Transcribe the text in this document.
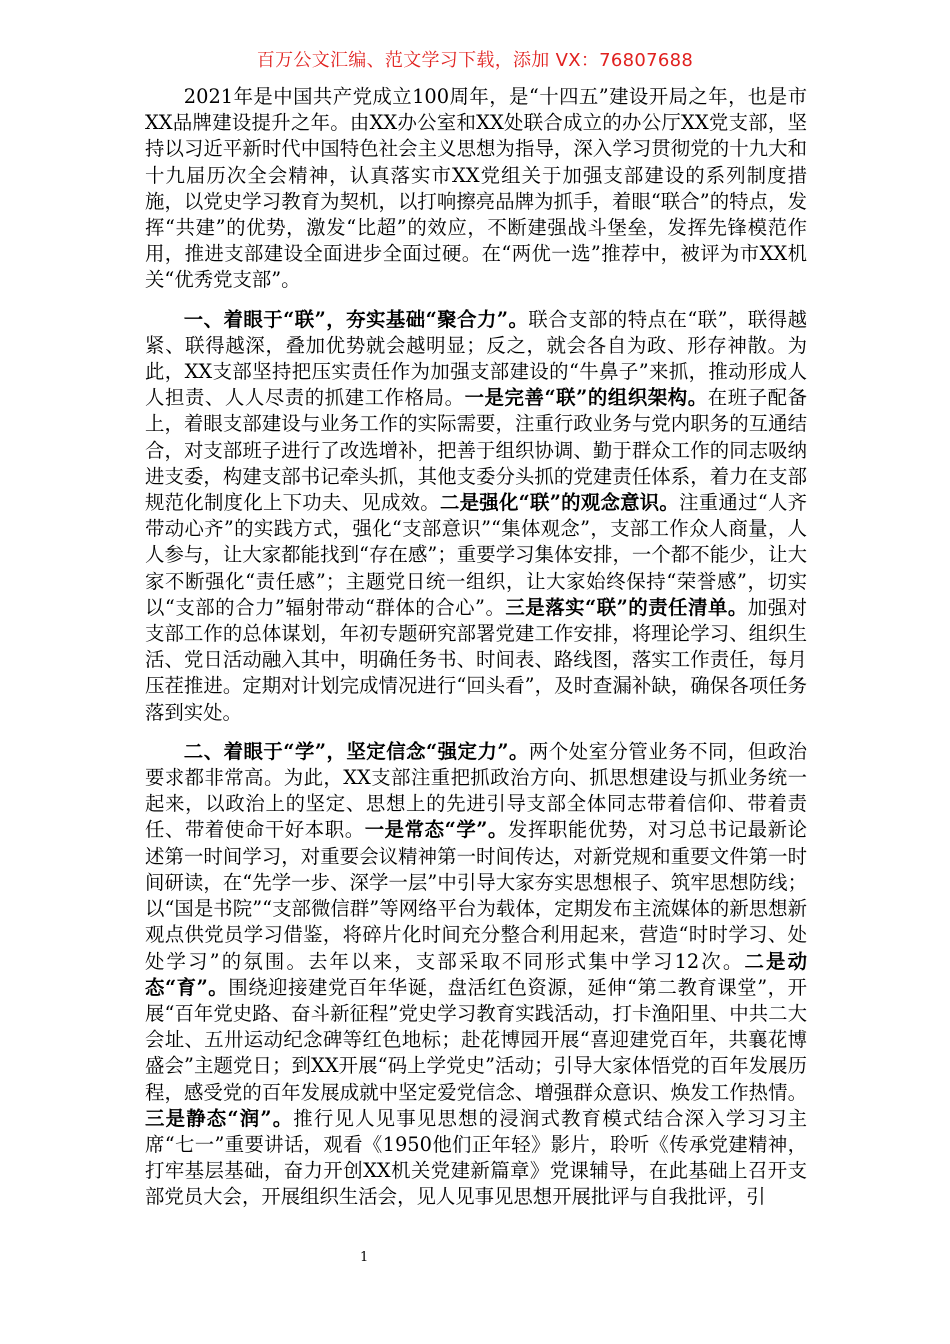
百万公文汇编、范文学习下载，添加 VX：76807688

2021年是中国共产党成立100周年，是“十四五”建设开局之年，也是市XX品牌建设提升之年。由XX办公室和XX处联合成立的办公厅XX党支部，坚持以习近平新时代中国特色社会主义思想为指导，深入学习贯彻党的十九大和十九届历次全会精神，认真落实市XX党组关于加强支部建设的系列制度措施，以党史学习教育为契机，以打响擦亮品牌为抓手，着眼“联合”的特点，发挥“共建”的优势，激发“比超”的效应，不断建强战斗堡垒，发挥先锋模范作用，推进支部建设全面进步全面过硬。在“两优一选”推荐中，被评为市XX机关“优秀党支部”。

一、着眼于“联”，夯实基础“聚合力”。联合支部的特点在“联”，联得越紧、联得越深，叠加优势就会越明显；反之，就会各自为政、形存神散。为此，XX支部坚持把压实责任作为加强支部建设的“牛鼻子”来抓，推动形成人人担责、人人尽责的抓建工作格局。一是完善“联”的组织架构。在班子配备上，着眼支部建设与业务工作的实际需要，注重行政业务与党内职务的互通结合，对支部班子进行了改选增补，把善于组织协调、勤于群众工作的同志吸纳进支委，构建支部书记牵头抓，其他支委分头抓的党建责任体系，着力在支部规范化制度化上下功夫、见成效。二是强化“联”的观念意识。注重通过“人齐带动心齐”的实践方式，强化“支部意识”“集体观念”，支部工作众人商量，人人参与，让大家都能找到“存在感”；重要学习集体安排，一个都不能少，让大家不断强化“责任感”；主题党日统一组织，让大家始终保持“荣誉感”，切实以“支部的合力”辐射带动“群体的合心”。三是落实“联”的责任清单。加强对支部工作的总体谋划，年初专题研究部署党建工作安排，将理论学习、组织生活、党日活动融入其中，明确任务书、时间表、路线图，落实工作责任，每月压茬推进。定期对计划完成情况进行“回头看”，及时查漏补缺，确保各项任务落到实处。

二、着眼于“学”，坚定信念“强定力”。两个处室分管业务不同，但政治要求都非常高。为此，XX支部注重把抓政治方向、抓思想建设与抓业务统一起来，以政治上的坚定、思想上的先进引导支部全体同志带着信仰、带着责任、带着使命干好本职。一是常态“学”。发挥职能优势，对习总书记最新论述第一时间学习，对重要会议精神第一时间传达，对新党规和重要文件第一时间研读，在“先学一步、深学一层”中引导大家夯实思想根子、筑牢思想防线；以“国是书院”“支部微信群”等网络平台为载体，定期发布主流媒体的新思想新观点供党员学习借鉴，将碎片化时间充分整合利用起来，营造“时时学习、处处学习”的氛围。去年以来，支部采取不同形式集中学习12次。二是动态“育”。围绕迎接建党百年华诞，盘活红色资源，延伸“第二教育课堂”，开展“百年党史路、奋斗新征程”党史学习教育实践活动，打卡渔阳里、中共二大会址、五卅运动纪念碑等红色地标；赴花博园开展“喜迎建党百年，共襄花博盛会”主题党日；到XX开展“码上学党史”活动；引导大家体悟党的百年发展历程，感受党的百年发展成就中坚定爱党信念、增强群众意识、焕发工作热情。三是静态“润”。推行见人见事见思想的浸润式教育模式结合深入学习习主席“七一”重要讲话，观看《1950他们正年轻》影片，聆听《传承党建精神，打牢基层基础，奋力开创XX机关党建新篇章》党课辅导，在此基础上召开支部党员大会，开展组织生活会，见人见事见思想开展批评与自我批评，引

1
